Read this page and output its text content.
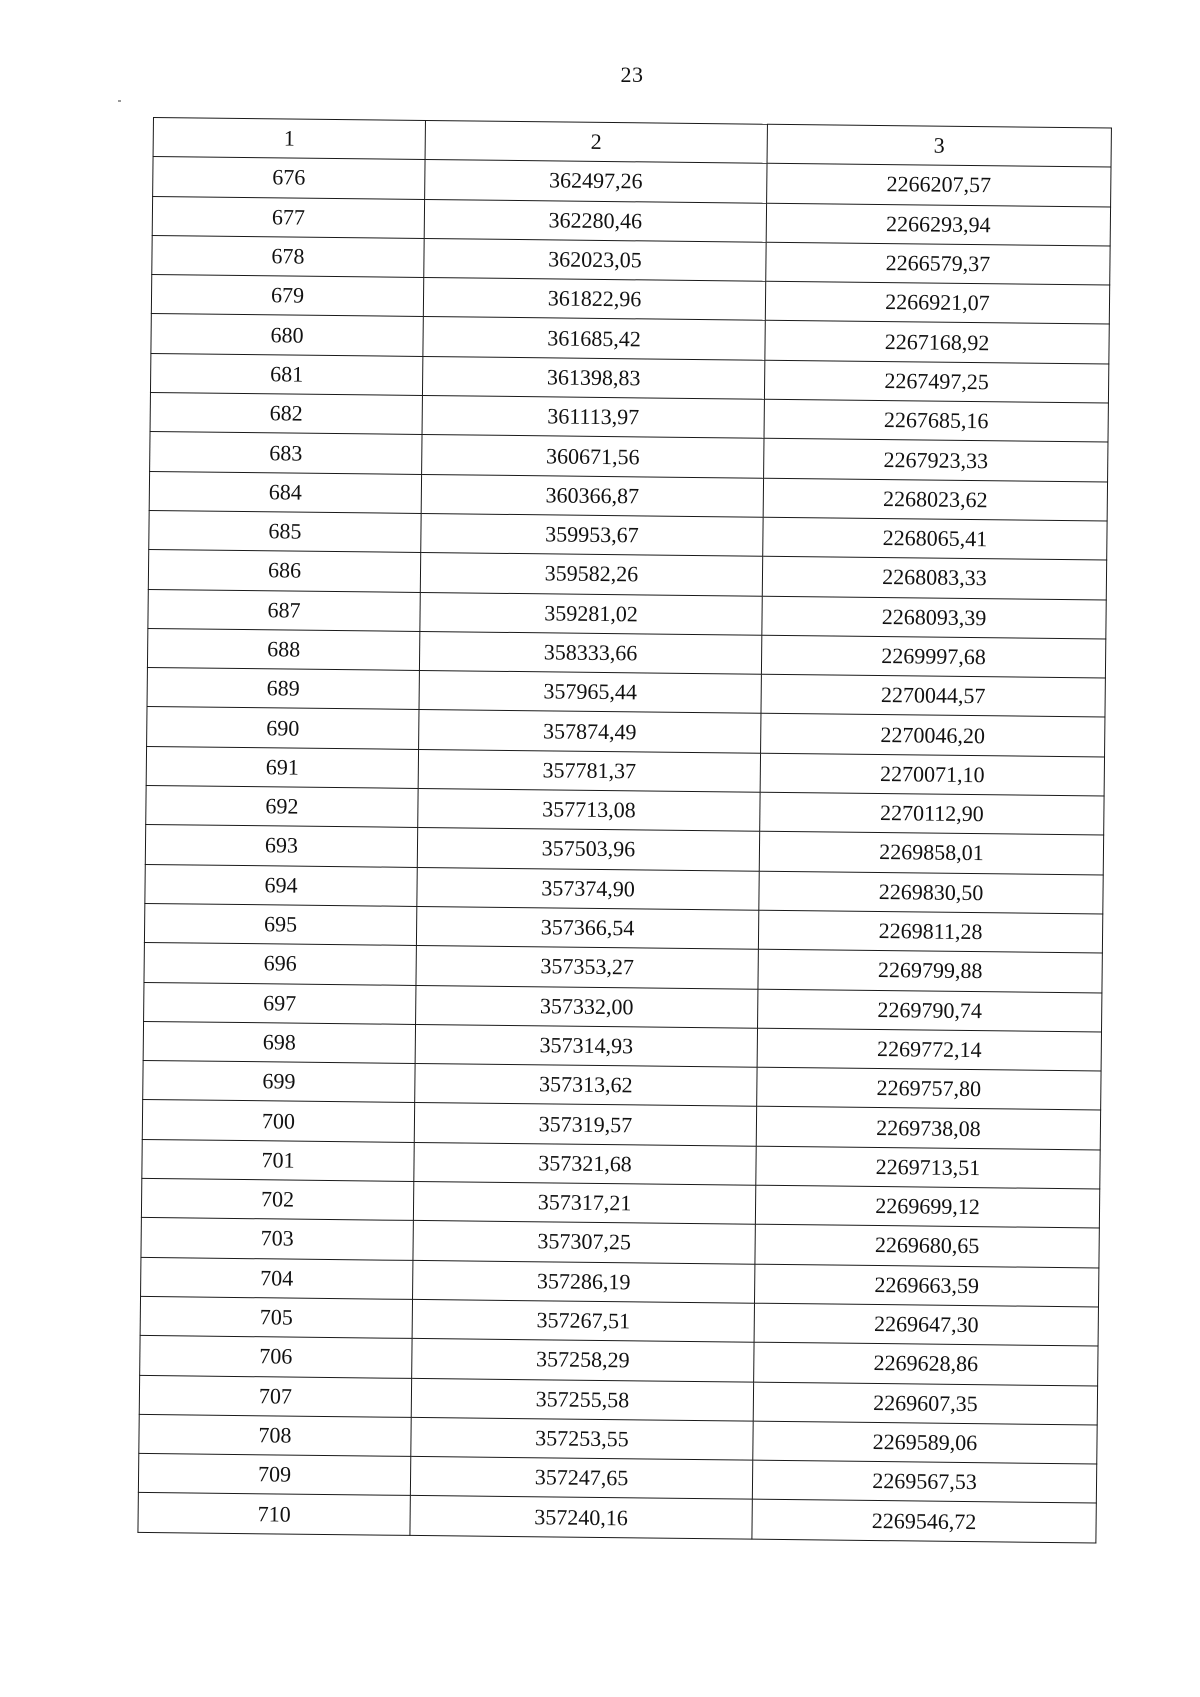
23
1	2	3
676	362497,26	2266207,57
677	362280,46	2266293,94
678	362023,05	2266579,37
679	361822,96	2266921,07
680	361685,42	2267168,92
681	361398,83	2267497,25
682	361113,97	2267685,16
683	360671,56	2267923,33
684	360366,87	2268023,62
685	359953,67	2268065,41
686	359582,26	2268083,33
687	359281,02	2268093,39
688	358333,66	2269997,68
689	357965,44	2270044,57
690	357874,49	2270046,20
691	357781,37	2270071,10
692	357713,08	2270112,90
693	357503,96	2269858,01
694	357374,90	2269830,50
695	357366,54	2269811,28
696	357353,27	2269799,88
697	357332,00	2269790,74
698	357314,93	2269772,14
699	357313,62	2269757,80
700	357319,57	2269738,08
701	357321,68	2269713,51
702	357317,21	2269699,12
703	357307,25	2269680,65
704	357286,19	2269663,59
705	357267,51	2269647,30
706	357258,29	2269628,86
707	357255,58	2269607,35
708	357253,55	2269589,06
709	357247,65	2269567,53
710	357240,16	2269546,72
